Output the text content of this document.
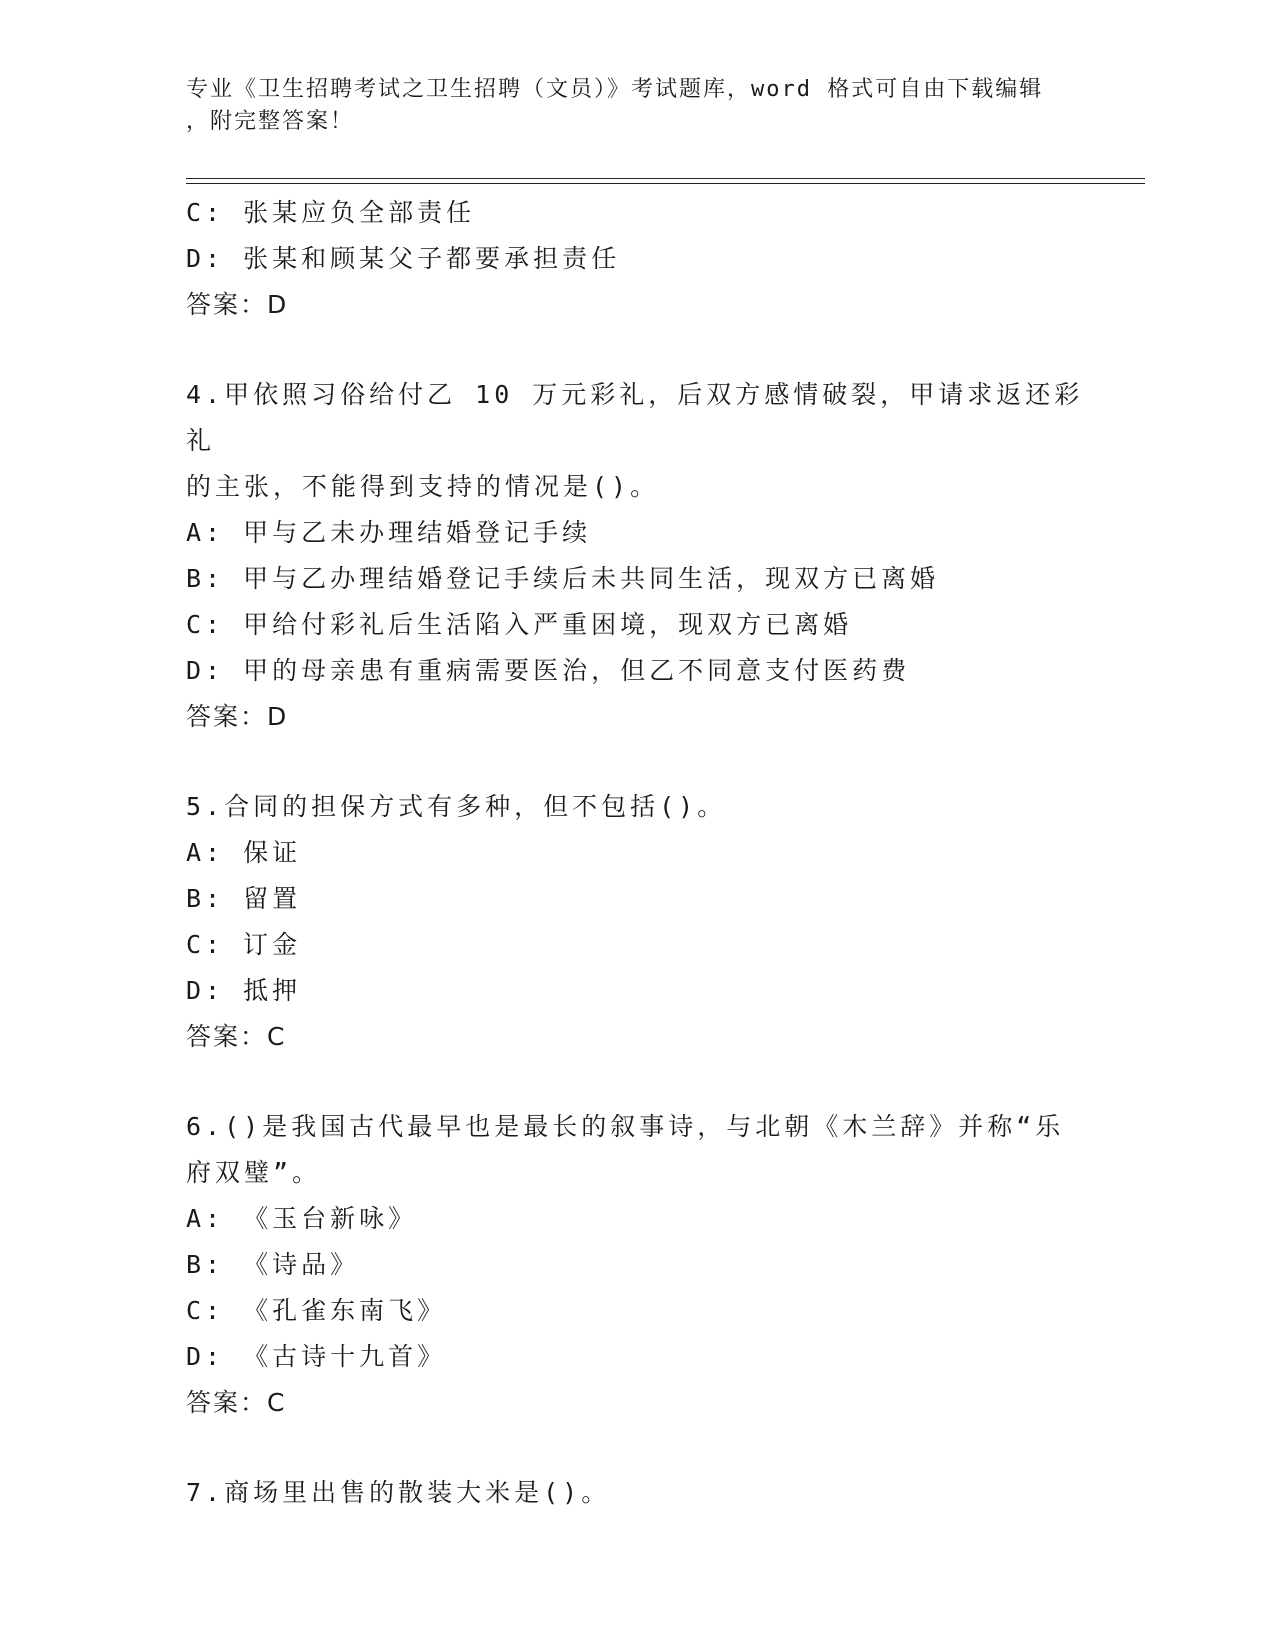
专业《卫生招聘考试之卫生招聘（文员）》考试题库，word 格式可自由下载编辑
，附完整答案！
C: 张某应负全部责任
D: 张某和顾某父子都要承担责任
答案：D
4.甲依照习俗给付乙 10 万元彩礼，后双方感情破裂，甲请求返还彩礼
的主张，不能得到支持的情况是()。
A: 甲与乙未办理结婚登记手续
B: 甲与乙办理结婚登记手续后未共同生活，现双方已离婚
C: 甲给付彩礼后生活陷入严重困境，现双方已离婚
D: 甲的母亲患有重病需要医治，但乙不同意支付医药费
答案：D
5.合同的担保方式有多种，但不包括()。
A: 保证
B: 留置
C: 订金
D: 抵押
答案：C
6.()是我国古代最早也是最长的叙事诗，与北朝《木兰辞》并称“乐
府双璧”。
A: 《玉台新咏》
B: 《诗品》
C: 《孔雀东南飞》
D: 《古诗十九首》
答案：C
7.商场里出售的散装大米是()。
